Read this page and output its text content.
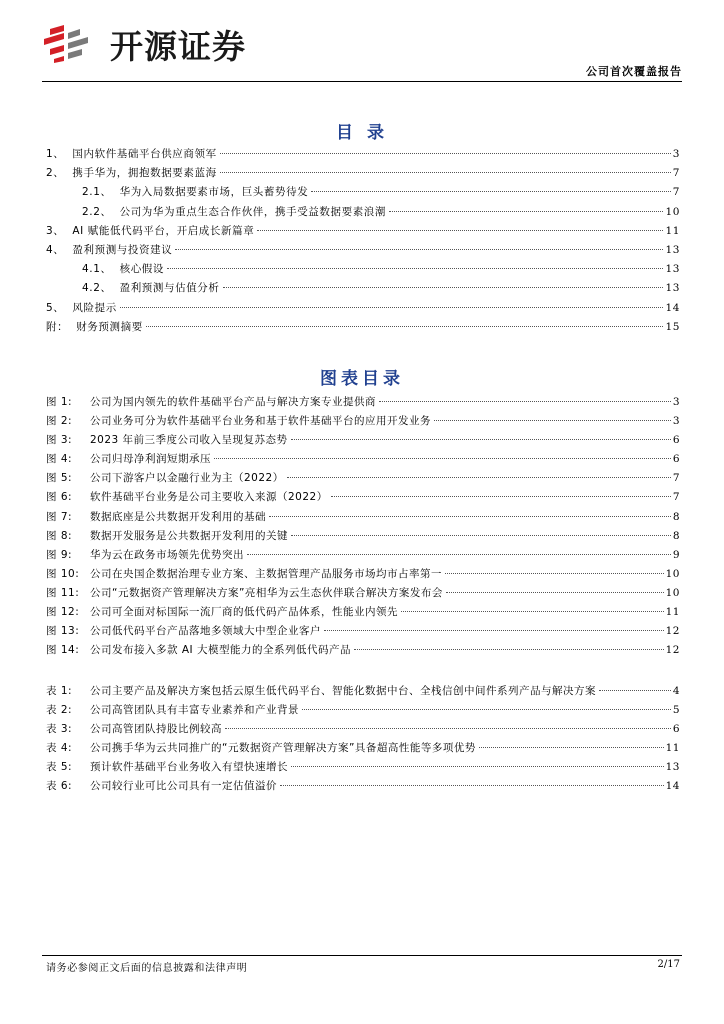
开源证券
公司首次覆盖报告
目 录
1、 国内软件基础平台供应商领军	3
2、 携手华为，拥抱数据要素蓝海	7
2.1、 华为入局数据要素市场，巨头蓄势待发	7
2.2、 公司为华为重点生态合作伙伴，携手受益数据要素浪潮	10
3、 AI 赋能低代码平台，开启成长新篇章	11
4、 盈利预测与投资建议	13
4.1、 核心假设	13
4.2、 盈利预测与估值分析	13
5、 风险提示	14
附： 财务预测摘要	15
图表目录
图 1:	公司为国内领先的软件基础平台产品与解决方案专业提供商	3
图 2:	公司业务可分为软件基础平台业务和基于软件基础平台的应用开发业务	3
图 3:	2023 年前三季度公司收入呈现复苏态势	6
图 4:	公司归母净利润短期承压	6
图 5:	公司下游客户以金融行业为主（2022）	7
图 6:	软件基础平台业务是公司主要收入来源（2022）	7
图 7:	数据底座是公共数据开发利用的基础	8
图 8:	数据开发服务是公共数据开发利用的关键	8
图 9:	华为云在政务市场领先优势突出	9
图 10:	公司在央国企数据治理专业方案、主数据管理产品服务市场均市占率第一	10
图 11:	公司“元数据资产管理解决方案”亮相华为云生态伙伴联合解决方案发布会	10
图 12:	公司可全面对标国际一流厂商的低代码产品体系，性能业内领先	11
图 13:	公司低代码平台产品落地多领域大中型企业客户	12
图 14:	公司发布接入多款 AI 大模型能力的全系列低代码产品	12
表 1:	公司主要产品及解决方案包括云原生低代码平台、智能化数据中台、全栈信创中间件系列产品与解决方案	4
表 2:	公司高管团队具有丰富专业素养和产业背景	5
表 3:	公司高管团队持股比例较高	6
表 4:	公司携手华为云共同推广的“元数据资产管理解决方案”具备超高性能等多项优势	11
表 5:	预计软件基础平台业务收入有望快速增长	13
表 6:	公司较行业可比公司具有一定估值溢价	14
请务必参阅正文后面的信息披露和法律声明	2/17
